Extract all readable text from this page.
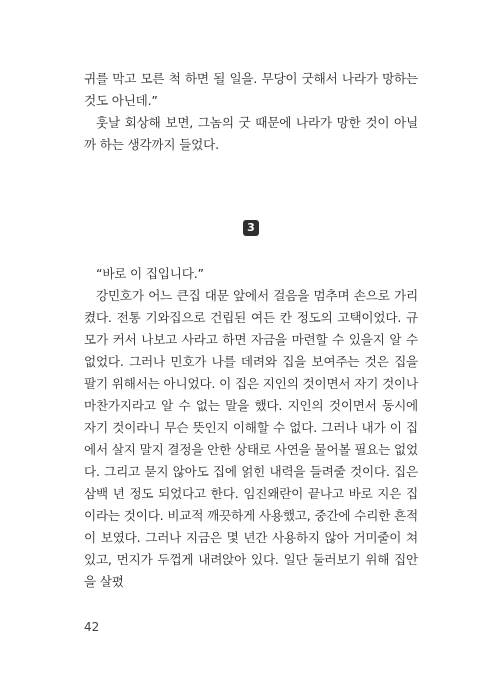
귀를 막고 모른 척 하면 될 일을. 무당이 굿해서 나라가 망하는 것도 아닌데.”

훗날 회상해 보면, 그놈의 굿 때문에 나라가 망한 것이 아닐까 하는 생각까지 들었다.

3

“바로 이 집입니다.”

강민호가 어느 큰집 대문 앞에서 걸음을 멈추며 손으로 가리켰다. 전통 기와집으로 건립된 여든 칸 정도의 고택이었다. 규모가 커서 나보고 사라고 하면 자금을 마련할 수 있을지 알 수 없었다. 그러나 민호가 나를 데려와 집을 보여주는 것은 집을 팔기 위해서는 아니었다. 이 집은 지인의 것이면서 자기 것이나 마찬가지라고 알 수 없는 말을 했다. 지인의 것이면서 동시에 자기 것이라니 무슨 뜻인지 이해할 수 없다. 그러나 내가 이 집에서 살지 말지 결정을 안한 상태로 사연을 물어볼 필요는 없었다. 그리고 묻지 않아도 집에 얽힌 내력을 들려줄 것이다. 집은 삼백 년 정도 되었다고 한다. 임진왜란이 끝나고 바로 지은 집이라는 것이다. 비교적 깨끗하게 사용했고, 중간에 수리한 흔적이 보였다. 그러나 지금은 몇 년간 사용하지 않아 거미줄이 쳐 있고, 먼지가 두껍게 내려앉아 있다. 일단 둘러보기 위해 집안을 살폈

42
